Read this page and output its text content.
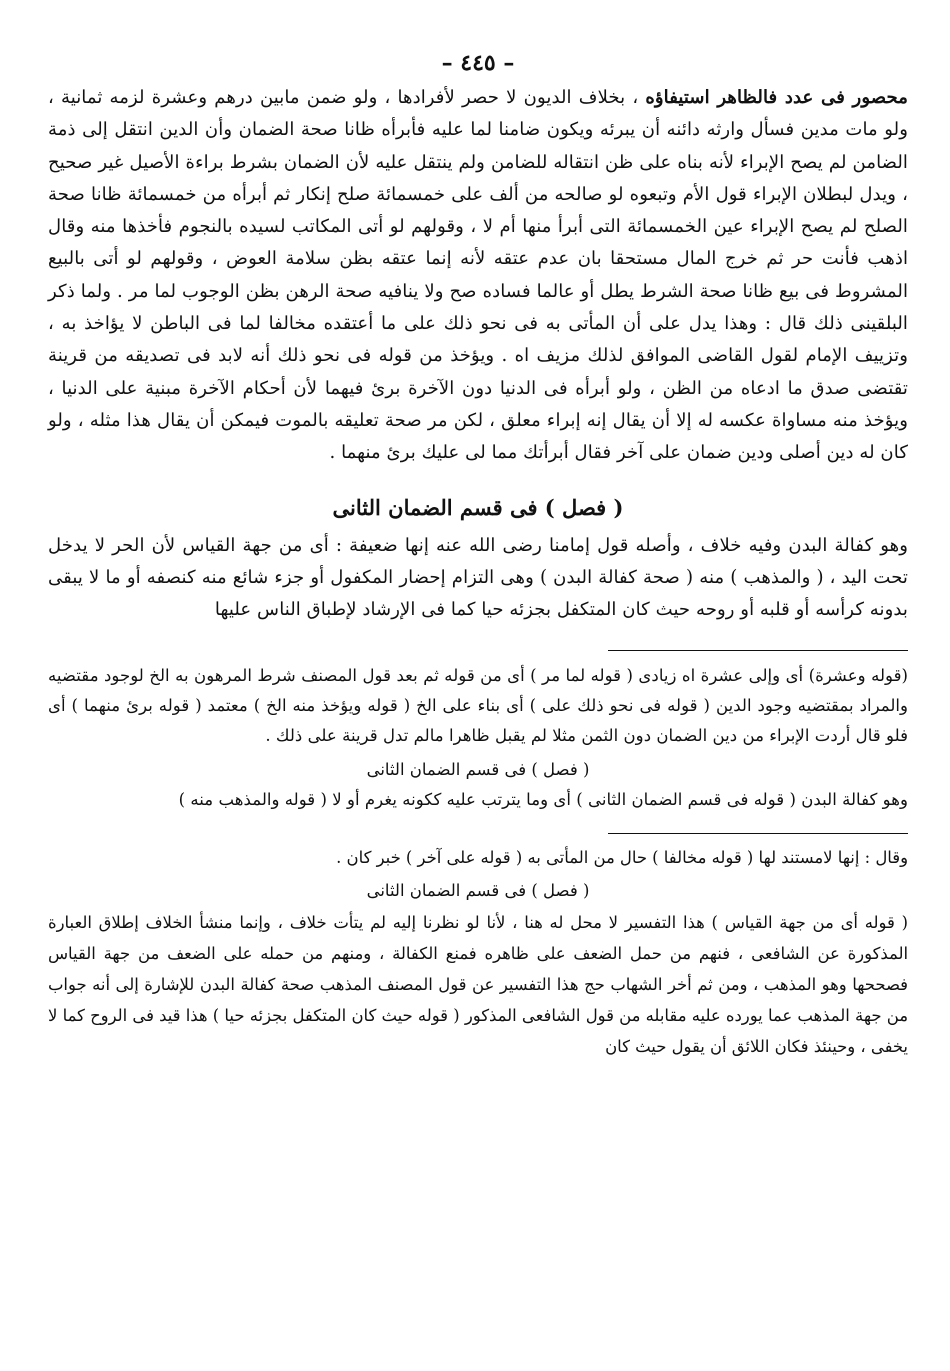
– ٤٤٥ –

محصور فى عدد فالظاهر استيفاؤه ، بخلاف الديون لا حصر لأفرادها ، ولو ضمن مابين درهم وعشرة لزمه ثمانية ، ولو مات مدين فسأل وارثه دائنه أن يبرئه ويكون ضامنا لما عليه فأبرأه ظانا صحة الضمان وأن الدين انتقل إلى ذمة الضامن لم يصح الإبراء لأنه بناه على ظن انتقاله للضامن ولم ينتقل عليه لأن الضمان بشرط براءة الأصيل غير صحيح ، ويدل لبطلان الإبراء قول الأم وتبعوه لو صالحه من ألف على خمسمائة صلح إنكار ثم أبرأه من خمسمائة ظانا صحة الصلح لم يصح الإبراء عين الخمسمائة التى أبرأ منها أم لا ، وقولهم لو أتى المكاتب لسيده بالنجوم فأخذها منه وقال اذهب فأنت حر ثم خرج المال مستحقا بان عدم عتقه لأنه إنما عتقه بظن سلامة العوض ، وقولهم لو أتى بالبيع المشروط فى بيع ظانا صحة الشرط يطل أو عالما فساده صح ولا ينافيه صحة الرهن بظن الوجوب لما مر . ولما ذكر البلقينى ذلك قال : وهذا يدل على أن المأتى به فى نحو ذلك على ما أعتقده مخالفا لما فى الباطن لا يؤاخذ به ، وتزييف الإمام لقول القاضى الموافق لذلك مزيف اه . ويؤخذ من قوله فى نحو ذلك أنه لابد فى تصديقه من قرينة تقتضى صدق ما ادعاه من الظن ، ولو أبرأه فى الدنيا دون الآخرة برئ فيهما لأن أحكام الآخرة مبنية على الدنيا ، ويؤخذ منه مساواة عكسه له إلا أن يقال إنه إبراء معلق ، لكن مر صحة تعليقه بالموت فيمكن أن يقال هذا مثله ، ولو كان له دين أصلى ودين ضمان على آخر فقال أبرأتك مما لى عليك برئ منهما .

( فصل ) فى قسم الضمان الثانى

وهو كفالة البدن وفيه خلاف ، وأصله قول إمامنا رضى الله عنه إنها ضعيفة : أى من جهة القياس لأن الحر لا يدخل تحت اليد ، ( والمذهب ) منه ( صحة كفالة البدن ) وهى التزام إحضار المكفول أو جزء شائع منه كنصفه أو ما لا يبقى بدونه كرأسه أو قلبه أو روحه حيث كان المتكفل بجزئه حيا كما فى الإرشاد لإطباق الناس عليها

(قوله وعشرة) أى وإلى عشرة اه زيادى ( قوله لما مر ) أى من قوله ثم بعد قول المصنف شرط المرهون به الخ لوجود مقتضيه والمراد بمقتضيه وجود الدين ( قوله فى نحو ذلك على ) أى بناء على الخ ( قوله ويؤخذ منه الخ ) معتمد ( قوله برئ منهما ) أى فلو قال أردت الإبراء من دين الضمان دون الثمن مثلا لم يقبل ظاهرا مالم تدل قرينة على ذلك .

( فصل ) فى قسم الضمان الثانى

وهو كفالة البدن ( قوله فى قسم الضمان الثانى ) أى وما يترتب عليه ككونه يغرم أو لا ( قوله والمذهب منه )

وقال : إنها لامستند لها ( قوله مخالفا ) حال من المأتى به ( قوله على آخر ) خبر كان .

( فصل ) فى قسم الضمان الثانى

( قوله أى من جهة القياس ) هذا التفسير لا محل له هنا ، لأنا لو نظرنا إليه لم يتأت خلاف ، وإنما منشأ الخلاف إطلاق العبارة المذكورة عن الشافعى ، فنهم من حمل الضعف على ظاهره فمنع الكفالة ، ومنهم من حمله على الضعف من جهة القياس فصححها وهو المذهب ، ومن ثم أخر الشهاب حج هذا التفسير عن قول المصنف المذهب صحة كفالة البدن للإشارة إلى أنه جواب من جهة المذهب عما يورده عليه مقابله من قول الشافعى المذكور ( قوله حيث كان المتكفل بجزئه حيا ) هذا قيد فى الروح كما لا يخفى ، وحينئذ فكان اللائق أن يقول حيث كان
